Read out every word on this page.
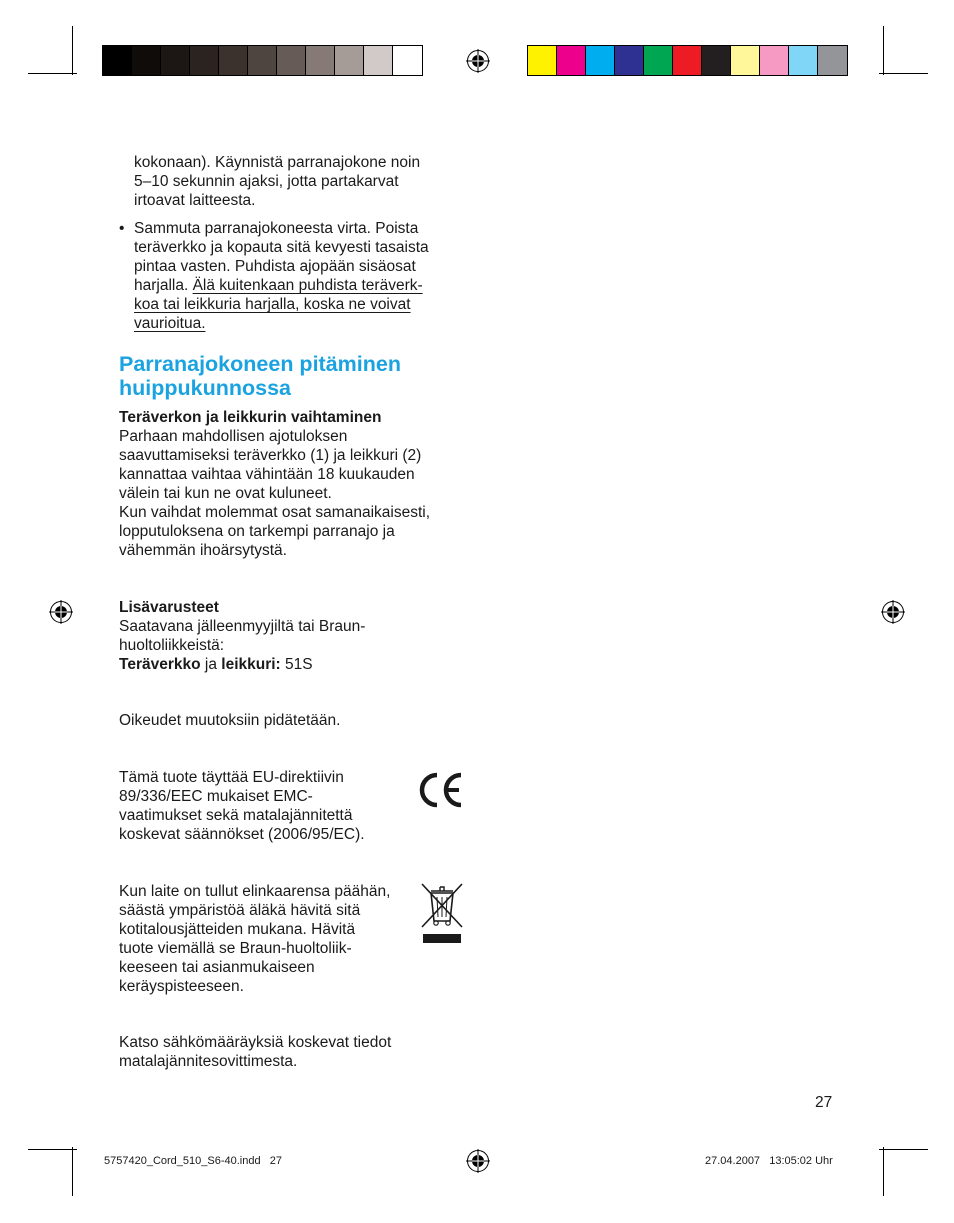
kokonaan). Käynnistä parranajokone noin
5–10 sekunnin ajaksi, jotta partakarvat
irtoavat laitteesta.
• Sammuta parranajokoneesta virta. Poista
teräverkko ja kopauta sitä kevyesti tasaista
pintaa vasten. Puhdista ajopään sisäosat
harjalla. Älä kuitenkaan puhdista teräverk-
koa tai leikkuria harjalla, koska ne voivat
vaurioitua.
Parranajokoneen pitäminen
huippukunnossa
Teräverkon ja leikkurin vaihtaminen
Parhaan mahdollisen ajotuloksen
saavuttamiseksi teräverkko (1) ja leikkuri (2)
kannattaa vaihtaa vähintään 18 kuukauden
välein tai kun ne ovat kuluneet.
Kun vaihdat molemmat osat samanaikaisesti,
lopputuloksena on tarkempi parranajo ja
vähemmän ihoärsytystä.
Lisävarusteet
Saatavana jälleenmyyjiltä tai Braun-
huoltoliikkeistä:
Teräverkko ja leikkuri: 51S
Oikeudet muutoksiin pidätetään.
Tämä tuote täyttää EU-direktiivin
89/336/EEC mukaiset EMC-
vaatimukset sekä matalajännitettä
koskevat säännökset (2006/95/EC).
Kun laite on tullut elinkaarensa päähän,
säästä ympäristöä äläkä hävitä sitä
kotitalousjätteiden mukana. Hävitä
tuote viemällä se Braun-huoltoliik-
keeseen tai asianmukaiseen
keräyspisteeseen.
Katso sähkömääräyksiä koskevat tiedot
matalajännitesovittimesta.
27
5757420_Cord_510_S6-40.indd   27	27.04.2007   13:05:02 Uhr
